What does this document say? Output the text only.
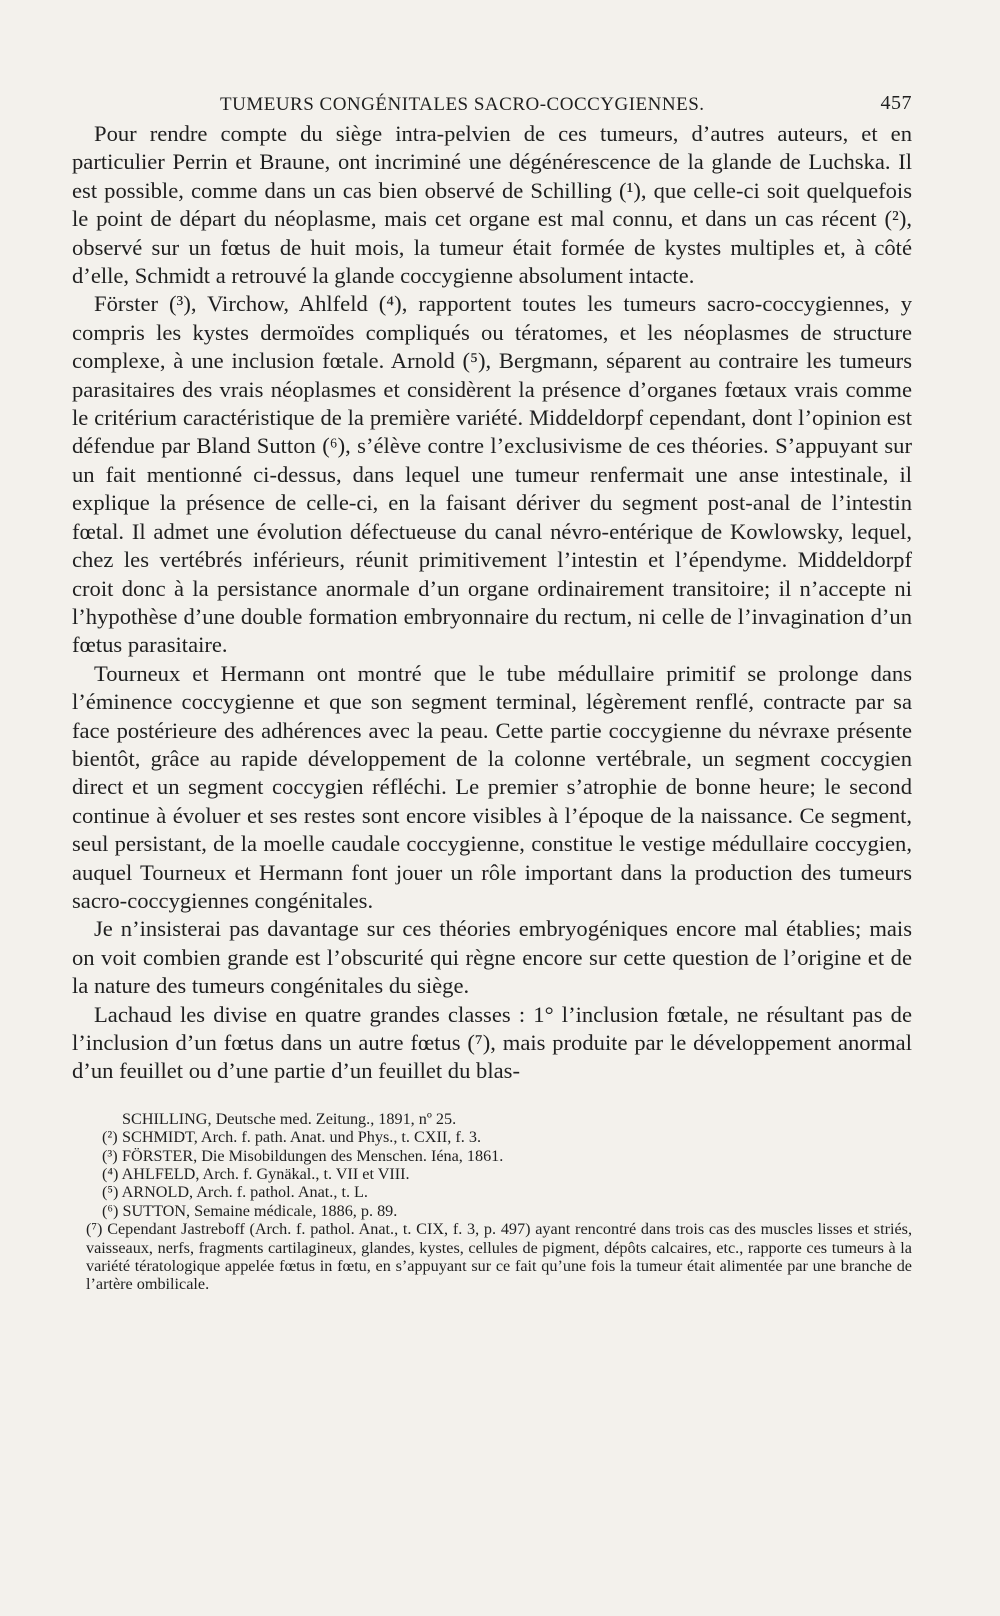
TUMEURS CONGÉNITALES SACRO-COCCYGIENNES.	457

Pour rendre compte du siège intra-pelvien de ces tumeurs, d’autres auteurs, et en particulier Perrin et Braune, ont incriminé une dégénérescence de la glande de Luchska. Il est possible, comme dans un cas bien observé de Schilling (¹), que celle-ci soit quelquefois le point de départ du néoplasme, mais cet organe est mal connu, et dans un cas récent (²), observé sur un fœtus de huit mois, la tumeur était formée de kystes multiples et, à côté d’elle, Schmidt a retrouvé la glande coccygienne absolument intacte.

Förster (³), Virchow, Ahlfeld (⁴), rapportent toutes les tumeurs sacro-coccygiennes, y compris les kystes dermoïdes compliqués ou tératomes, et les néoplasmes de structure complexe, à une inclusion fœtale. Arnold (⁵), Bergmann, séparent au contraire les tumeurs parasitaires des vrais néoplasmes et considèrent la présence d’organes fœtaux vrais comme le critérium caractéristique de la première variété. Middeldorpf cependant, dont l’opinion est défendue par Bland Sutton (⁶), s’élève contre l’exclusivisme de ces théories. S’appuyant sur un fait mentionné ci-dessus, dans lequel une tumeur renfermait une anse intestinale, il explique la présence de celle-ci, en la faisant dériver du segment post-anal de l’intestin fœtal. Il admet une évolution défectueuse du canal névro-entérique de Kowlowsky, lequel, chez les vertébrés inférieurs, réunit primitivement l’intestin et l’épendyme. Middeldorpf croit donc à la persistance anormale d’un organe ordinairement transitoire; il n’accepte ni l’hypothèse d’une double formation embryonnaire du rectum, ni celle de l’invagination d’un fœtus parasitaire.

Tourneux et Hermann ont montré que le tube médullaire primitif se prolonge dans l’éminence coccygienne et que son segment terminal, légèrement renflé, contracte par sa face postérieure des adhérences avec la peau. Cette partie coccygienne du névraxe présente bientôt, grâce au rapide développement de la colonne vertébrale, un segment coccygien direct et un segment coccygien réfléchi. Le premier s’atrophie de bonne heure; le second continue à évoluer et ses restes sont encore visibles à l’époque de la naissance. Ce segment, seul persistant, de la moelle caudale coccygienne, constitue le vestige médullaire coccygien, auquel Tourneux et Hermann font jouer un rôle important dans la production des tumeurs sacro-coccygiennes congénitales.

Je n’insisterai pas davantage sur ces théories embryogéniques encore mal établies; mais on voit combien grande est l’obscurité qui règne encore sur cette question de l’origine et de la nature des tumeurs congénitales du siège.

Lachaud les divise en quatre grandes classes : 1° l’inclusion fœtale, ne résultant pas de l’inclusion d’un fœtus dans un autre fœtus (⁷), mais produite par le développement anormal d’un feuillet ou d’une partie d’un feuillet du blas-

SCHILLING, Deutsche med. Zeitung., 1891, nº 25.

(²) SCHMIDT, Arch. f. path. Anat. und Phys., t. CXII, f. 3.

(³) FÖRSTER, Die Misobildungen des Menschen. Iéna, 1861.

(⁴) AHLFELD, Arch. f. Gynäkal., t. VII et VIII.

(⁵) ARNOLD, Arch. f. pathol. Anat., t. L.

(⁶) SUTTON, Semaine médicale, 1886, p. 89.

(⁷) Cependant Jastreboff (Arch. f. pathol. Anat., t. CIX, f. 3, p. 497) ayant rencontré dans trois cas des muscles lisses et striés, vaisseaux, nerfs, fragments cartilagineux, glandes, kystes, cellules de pigment, dépôts calcaires, etc., rapporte ces tumeurs à la variété tératologique appelée fœtus in fœtu, en s’appuyant sur ce fait qu’une fois la tumeur était alimentée par une branche de l’artère ombilicale.
